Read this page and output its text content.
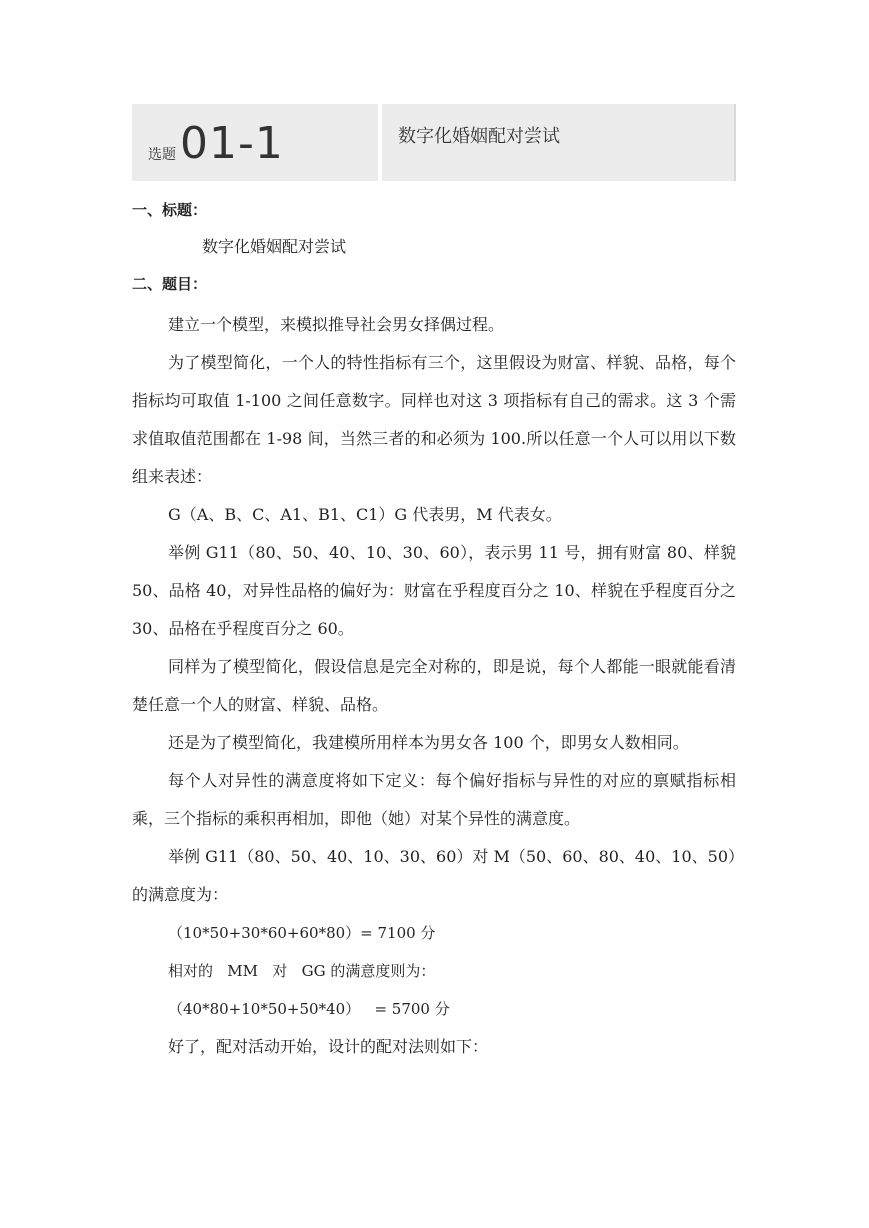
选题 01-1	数字化婚姻配对尝试
一、标题：
数字化婚姻配对尝试
二、题目：

建立一个模型，来模拟推导社会男女择偶过程。

为了模型简化，一个人的特性指标有三个，这里假设为财富、样貌、品格，每个指标均可取值 1-100 之间任意数字。同样也对这 3 项指标有自己的需求。这 3 个需求值取值范围都在 1-98 间，当然三者的和必须为 100.所以任意一个人可以用以下数组来表述：

G（A、B、C、A1、B1、C1）G 代表男，M 代表女。

举例 G11（80、50、40、10、30、60），表示男 11 号，拥有财富 80、样貌 50、品格 40，对异性品格的偏好为：财富在乎程度百分之 10、样貌在乎程度百分之 30、品格在乎程度百分之 60。

同样为了模型简化，假设信息是完全对称的，即是说，每个人都能一眼就能看清楚任意一个人的财富、样貌、品格。

还是为了模型简化，我建模所用样本为男女各 100 个，即男女人数相同。

每个人对异性的满意度将如下定义：每个偏好指标与异性的对应的禀赋指标相乘，三个指标的乘积再相加，即他（她）对某个异性的满意度。

举例 G11（80、50、40、10、30、60）对 M（50、60、80、40、10、50）的满意度为：

（10*50+30*60+60*80）= 7100 分

相对的   MM   对   GG 的满意度则为：

（40*80+10*50+50*40）   = 5700 分

好了，配对活动开始，设计的配对法则如下：
